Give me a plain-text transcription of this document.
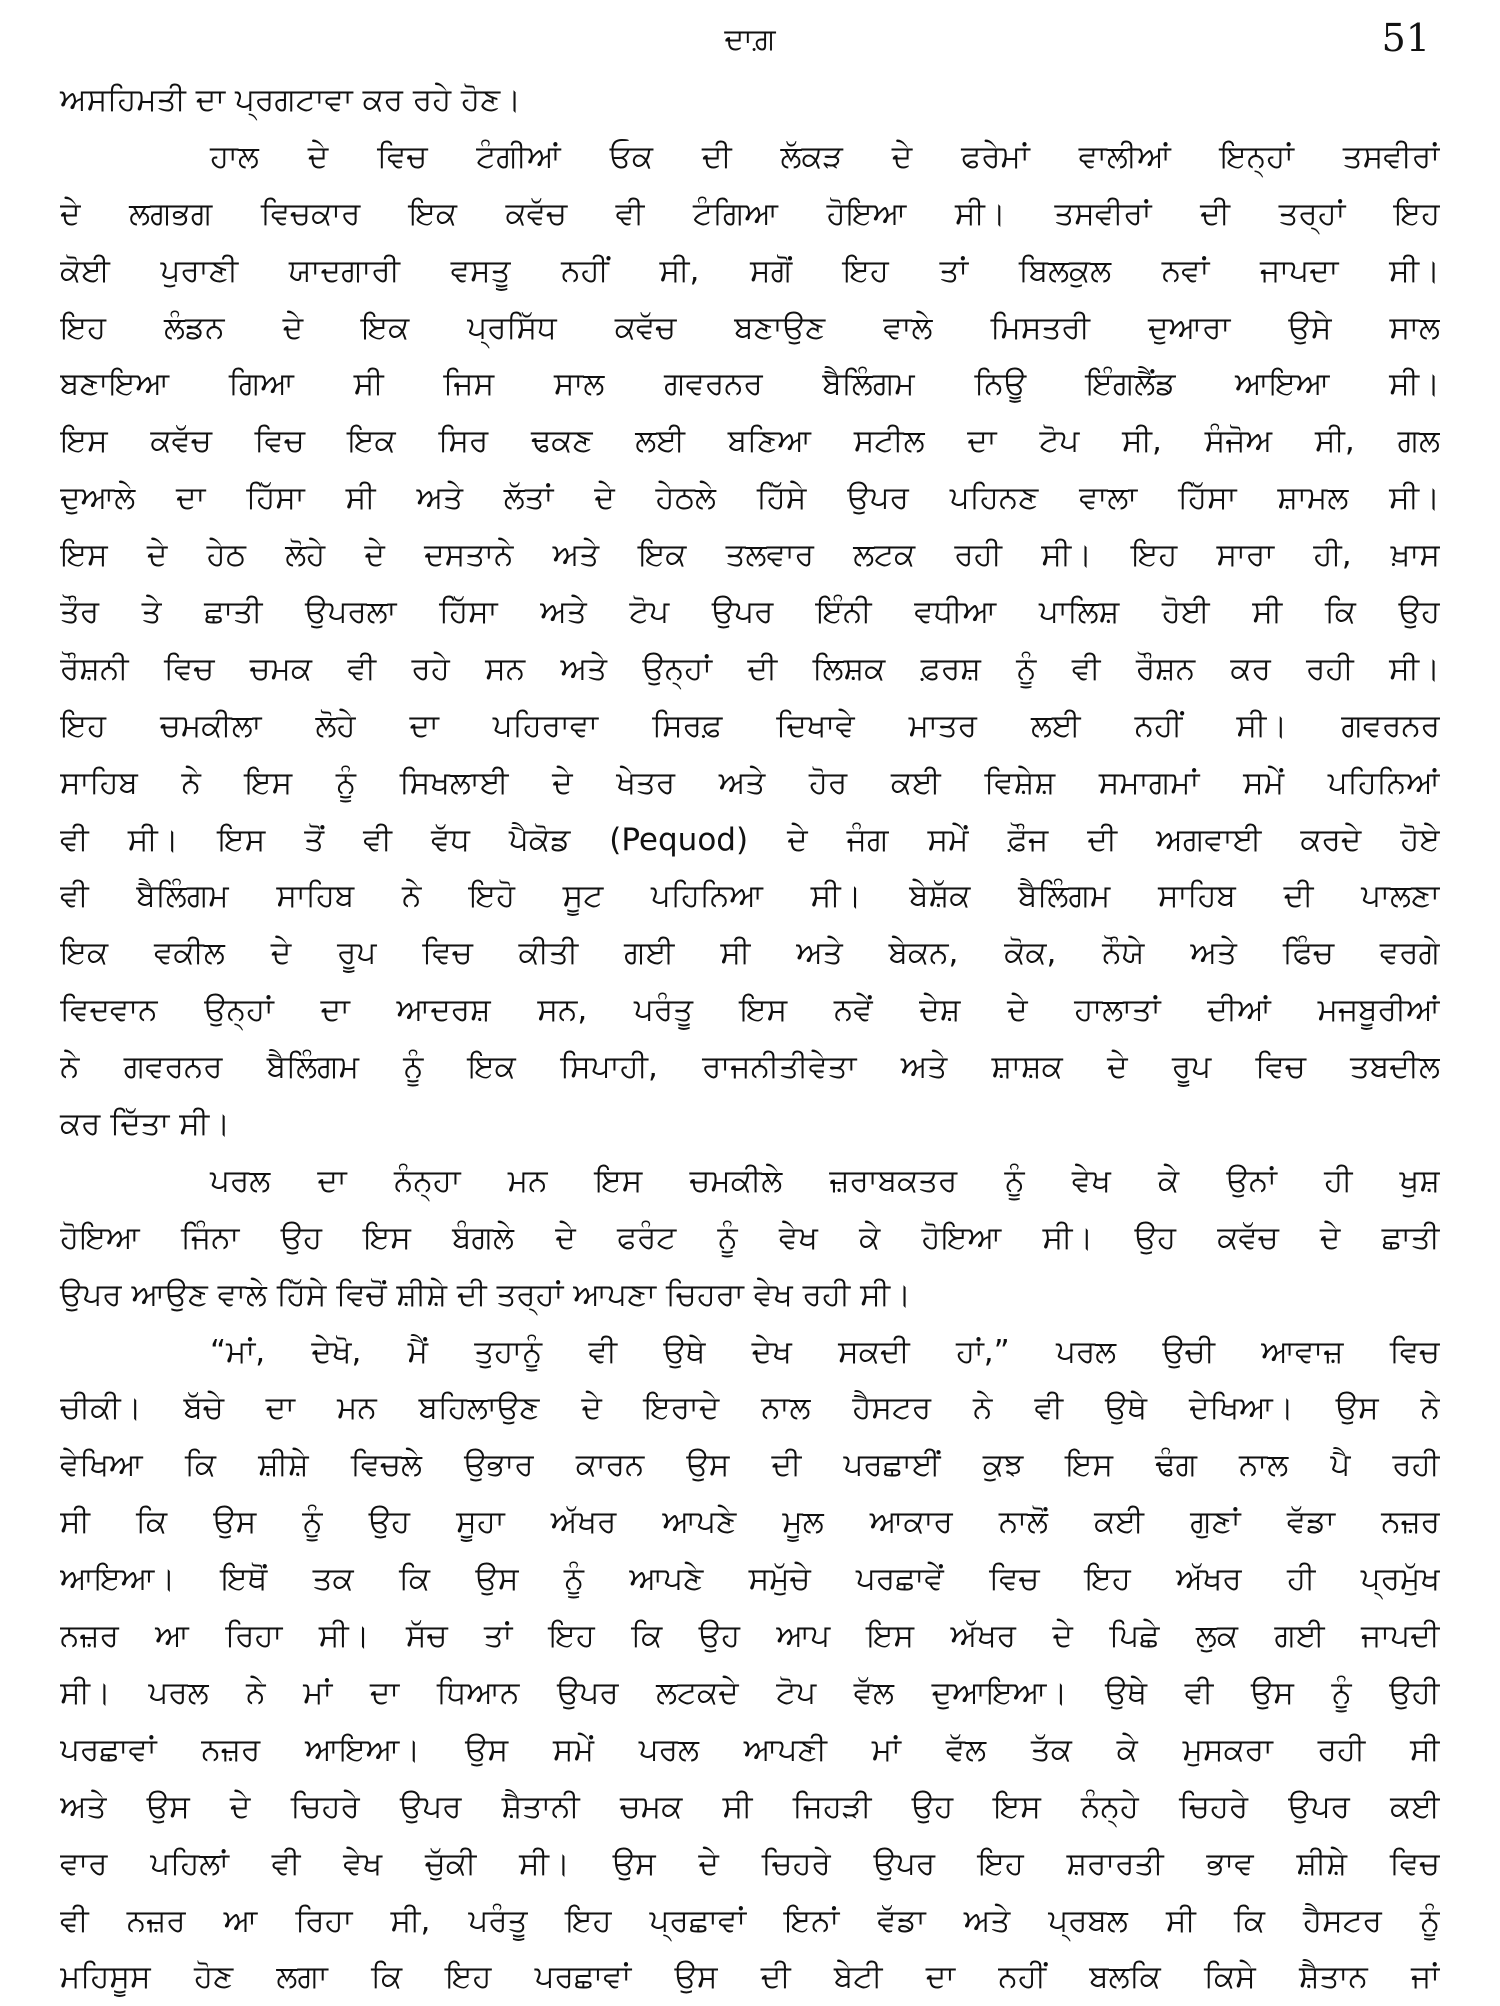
ਦਾਗ਼	51
ਅਸਹਿਮਤੀ ਦਾ ਪ੍ਰਗਟਾਵਾ ਕਰ ਰਹੇ ਹੋਣ।
ਹਾਲ ਦੇ ਵਿਚ ਟੰਗੀਆਂ ਓਕ ਦੀ ਲੱਕੜ ਦੇ ਫਰੇਮਾਂ ਵਾਲੀਆਂ ਇਨ੍ਹਾਂ ਤਸਵੀਰਾਂ
ਦੇ ਲਗਭਗ ਵਿਚਕਾਰ ਇਕ ਕਵੱਚ ਵੀ ਟੰਗਿਆ ਹੋਇਆ ਸੀ। ਤਸਵੀਰਾਂ ਦੀ ਤਰ੍ਹਾਂ ਇਹ
ਕੋਈ ਪੁਰਾਣੀ ਯਾਦਗਾਰੀ ਵਸਤੂ ਨਹੀਂ ਸੀ, ਸਗੋਂ ਇਹ ਤਾਂ ਬਿਲਕੁਲ ਨਵਾਂ ਜਾਪਦਾ ਸੀ।
ਇਹ ਲੰਡਨ ਦੇ ਇਕ ਪ੍ਰਸਿੱਧ ਕਵੱਚ ਬਣਾਉਣ ਵਾਲੇ ਮਿਸਤਰੀ ਦੁਆਰਾ ਉਸੇ ਸਾਲ
ਬਣਾਇਆ ਗਿਆ ਸੀ ਜਿਸ ਸਾਲ ਗਵਰਨਰ ਬੈਲਿੰਗਮ ਨਿਊ ਇੰਗਲੈਂਡ ਆਇਆ ਸੀ।
ਇਸ ਕਵੱਚ ਵਿਚ ਇਕ ਸਿਰ ਢਕਣ ਲਈ ਬਣਿਆ ਸਟੀਲ ਦਾ ਟੋਪ ਸੀ, ਸੰਜੋਅ ਸੀ, ਗਲ
ਦੁਆਲੇ ਦਾ ਹਿੱਸਾ ਸੀ ਅਤੇ ਲੱਤਾਂ ਦੇ ਹੇਠਲੇ ਹਿੱਸੇ ਉਪਰ ਪਹਿਨਣ ਵਾਲਾ ਹਿੱਸਾ ਸ਼ਾਮਲ ਸੀ।
ਇਸ ਦੇ ਹੇਠ ਲੋਹੇ ਦੇ ਦਸਤਾਨੇ ਅਤੇ ਇਕ ਤਲਵਾਰ ਲਟਕ ਰਹੀ ਸੀ। ਇਹ ਸਾਰਾ ਹੀ, ਖ਼ਾਸ
ਤੌਰ ਤੇ ਛਾਤੀ ਉਪਰਲਾ ਹਿੱਸਾ ਅਤੇ ਟੋਪ ਉਪਰ ਇੰਨੀ ਵਧੀਆ ਪਾਲਿਸ਼ ਹੋਈ ਸੀ ਕਿ ਉਹ
ਰੌਸ਼ਨੀ ਵਿਚ ਚਮਕ ਵੀ ਰਹੇ ਸਨ ਅਤੇ ਉਨ੍ਹਾਂ ਦੀ ਲਿਸ਼ਕ ਫ਼ਰਸ਼ ਨੂੰ ਵੀ ਰੌਸ਼ਨ ਕਰ ਰਹੀ ਸੀ।
ਇਹ ਚਮਕੀਲਾ ਲੋਹੇ ਦਾ ਪਹਿਰਾਵਾ ਸਿਰਫ਼ ਦਿਖਾਵੇ ਮਾਤਰ ਲਈ ਨਹੀਂ ਸੀ। ਗਵਰਨਰ
ਸਾਹਿਬ ਨੇ ਇਸ ਨੂੰ ਸਿਖਲਾਈ ਦੇ ਖੇਤਰ ਅਤੇ ਹੋਰ ਕਈ ਵਿਸ਼ੇਸ਼ ਸਮਾਗਮਾਂ ਸਮੇਂ ਪਹਿਨਿਆਂ
ਵੀ ਸੀ। ਇਸ ਤੋਂ ਵੀ ਵੱਧ ਪੈਕੋਡ (Pequod) ਦੇ ਜੰਗ ਸਮੇਂ ਫ਼ੌਜ ਦੀ ਅਗਵਾਈ ਕਰਦੇ ਹੋਏ
ਵੀ ਬੈਲਿੰਗਮ ਸਾਹਿਬ ਨੇ ਇਹੋ ਸੂਟ ਪਹਿਨਿਆ ਸੀ। ਬੇਸ਼ੱਕ ਬੈਲਿੰਗਮ ਸਾਹਿਬ ਦੀ ਪਾਲਣਾ
ਇਕ ਵਕੀਲ ਦੇ ਰੂਪ ਵਿਚ ਕੀਤੀ ਗਈ ਸੀ ਅਤੇ ਬੇਕਨ, ਕੋਕ, ਨੌਯੇ ਅਤੇ ਫਿੰਚ ਵਰਗੇ
ਵਿਦਵਾਨ ਉਨ੍ਹਾਂ ਦਾ ਆਦਰਸ਼ ਸਨ, ਪਰੰਤੂ ਇਸ ਨਵੇਂ ਦੇਸ਼ ਦੇ ਹਾਲਾਤਾਂ ਦੀਆਂ ਮਜਬੂਰੀਆਂ
ਨੇ ਗਵਰਨਰ ਬੈਲਿੰਗਮ ਨੂੰ ਇਕ ਸਿਪਾਹੀ, ਰਾਜਨੀਤੀਵੇਤਾ ਅਤੇ ਸ਼ਾਸ਼ਕ ਦੇ ਰੂਪ ਵਿਚ ਤਬਦੀਲ
ਕਰ ਦਿੱਤਾ ਸੀ।
ਪਰਲ ਦਾ ਨੰਨ੍ਹਾ ਮਨ ਇਸ ਚਮਕੀਲੇ ਜ਼ਰਾਬਕਤਰ ਨੂੰ ਵੇਖ ਕੇ ਉਨਾਂ ਹੀ ਖੁਸ਼
ਹੋਇਆ ਜਿੰਨਾ ਉਹ ਇਸ ਬੰਗਲੇ ਦੇ ਫਰੰਟ ਨੂੰ ਵੇਖ ਕੇ ਹੋਇਆ ਸੀ। ਉਹ ਕਵੱਚ ਦੇ ਛਾਤੀ
ਉਪਰ ਆਉਣ ਵਾਲੇ ਹਿੱਸੇ ਵਿਚੋਂ ਸ਼ੀਸ਼ੇ ਦੀ ਤਰ੍ਹਾਂ ਆਪਣਾ ਚਿਹਰਾ ਵੇਖ ਰਹੀ ਸੀ।
“ਮਾਂ, ਦੇਖੋ, ਮੈਂ ਤੁਹਾਨੂੰ ਵੀ ਉਥੇ ਦੇਖ ਸਕਦੀ ਹਾਂ,” ਪਰਲ ਉਚੀ ਆਵਾਜ਼ ਵਿਚ
ਚੀਕੀ। ਬੱਚੇ ਦਾ ਮਨ ਬਹਿਲਾਉਣ ਦੇ ਇਰਾਦੇ ਨਾਲ ਹੈਸਟਰ ਨੇ ਵੀ ਉਥੇ ਦੇਖਿਆ। ਉਸ ਨੇ
ਵੇਖਿਆ ਕਿ ਸ਼ੀਸ਼ੇ ਵਿਚਲੇ ਉਭਾਰ ਕਾਰਨ ਉਸ ਦੀ ਪਰਛਾਈਂ ਕੁਝ ਇਸ ਢੰਗ ਨਾਲ ਪੈ ਰਹੀ
ਸੀ ਕਿ ਉਸ ਨੂੰ ਉਹ ਸੂਹਾ ਅੱਖਰ ਆਪਣੇ ਮੂਲ ਆਕਾਰ ਨਾਲੋਂ ਕਈ ਗੁਣਾਂ ਵੱਡਾ ਨਜ਼ਰ
ਆਇਆ। ਇਥੋਂ ਤਕ ਕਿ ਉਸ ਨੂੰ ਆਪਣੇ ਸਮੁੱਚੇ ਪਰਛਾਵੇਂ ਵਿਚ ਇਹ ਅੱਖਰ ਹੀ ਪ੍ਰਮੁੱਖ
ਨਜ਼ਰ ਆ ਰਿਹਾ ਸੀ। ਸੱਚ ਤਾਂ ਇਹ ਕਿ ਉਹ ਆਪ ਇਸ ਅੱਖਰ ਦੇ ਪਿਛੇ ਲੁਕ ਗਈ ਜਾਪਦੀ
ਸੀ। ਪਰਲ ਨੇ ਮਾਂ ਦਾ ਧਿਆਨ ਉਪਰ ਲਟਕਦੇ ਟੋਪ ਵੱਲ ਦੁਆਇਆ। ਉਥੇ ਵੀ ਉਸ ਨੂੰ ਉਹੀ
ਪਰਛਾਵਾਂ ਨਜ਼ਰ ਆਇਆ। ਉਸ ਸਮੇਂ ਪਰਲ ਆਪਣੀ ਮਾਂ ਵੱਲ ਤੱਕ ਕੇ ਮੁਸਕਰਾ ਰਹੀ ਸੀ
ਅਤੇ ਉਸ ਦੇ ਚਿਹਰੇ ਉਪਰ ਸ਼ੈਤਾਨੀ ਚਮਕ ਸੀ ਜਿਹੜੀ ਉਹ ਇਸ ਨੰਨ੍ਹੇ ਚਿਹਰੇ ਉਪਰ ਕਈ
ਵਾਰ ਪਹਿਲਾਂ ਵੀ ਵੇਖ ਚੁੱਕੀ ਸੀ। ਉਸ ਦੇ ਚਿਹਰੇ ਉਪਰ ਇਹ ਸ਼ਰਾਰਤੀ ਭਾਵ ਸ਼ੀਸ਼ੇ ਵਿਚ
ਵੀ ਨਜ਼ਰ ਆ ਰਿਹਾ ਸੀ, ਪਰੰਤੂ ਇਹ ਪ੍ਰਛਾਵਾਂ ਇਨਾਂ ਵੱਡਾ ਅਤੇ ਪ੍ਰਬਲ ਸੀ ਕਿ ਹੈਸਟਰ ਨੂੰ
ਮਹਿਸੂਸ ਹੋਣ ਲਗਾ ਕਿ ਇਹ ਪਰਛਾਵਾਂ ਉਸ ਦੀ ਬੇਟੀ ਦਾ ਨਹੀਂ ਬਲਕਿ ਕਿਸੇ ਸ਼ੈਤਾਨ ਜਾਂ
